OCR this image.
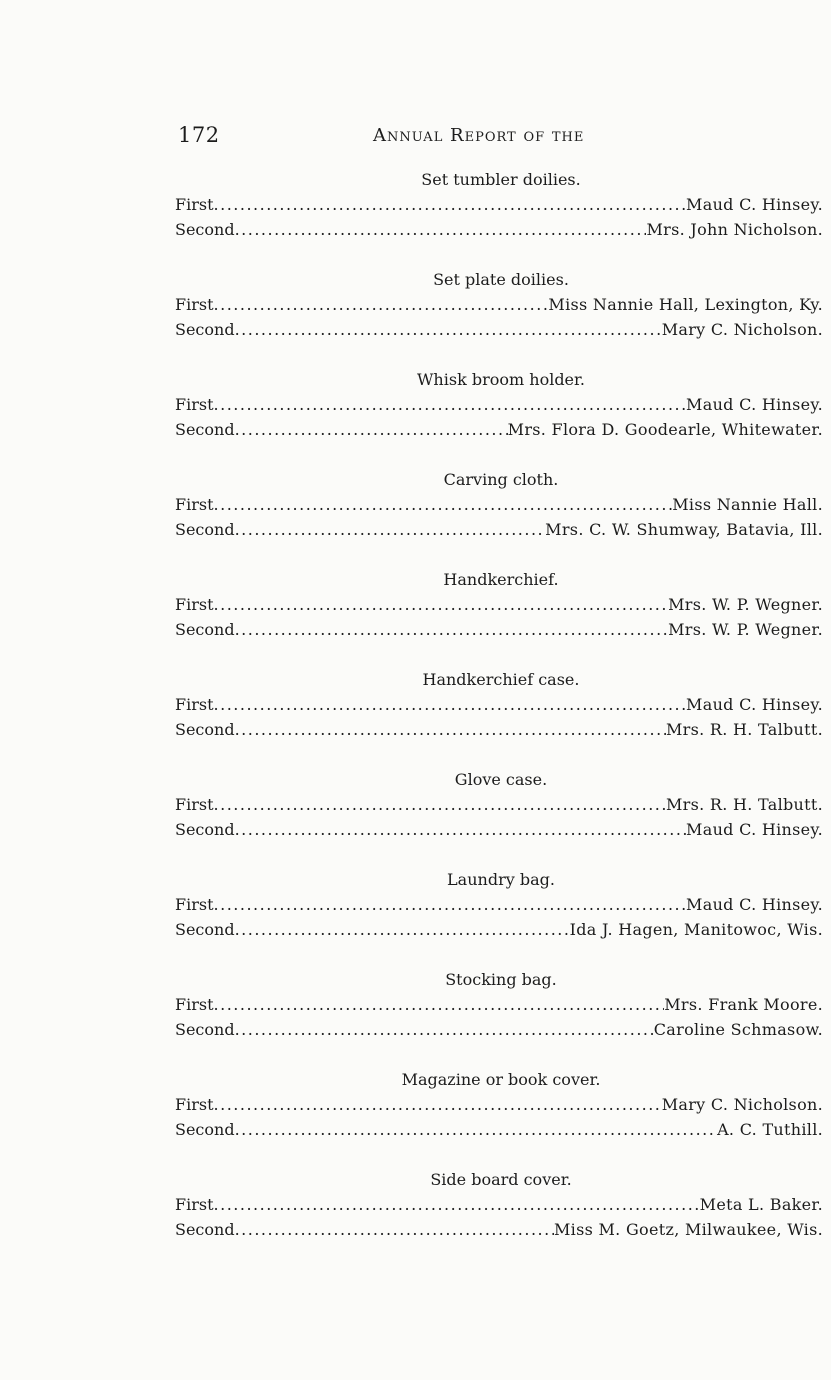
172	Annual Report of the
Set tumbler doilies.
First .....	Maud C. Hinsey.
Second .....	Mrs. John Nicholson.
Set plate doilies.
First .....	Miss Nannie Hall, Lexington, Ky.
Second .....	Mary C. Nicholson.
Whisk broom holder.
First .....	Maud C. Hinsey.
Second .....	Mrs. Flora D. Goodearle, Whitewater.
Carving cloth.
First .....	Miss Nannie Hall.
Second .....	Mrs. C. W. Shumway, Batavia, Ill.
Handkerchief.
First .....	Mrs. W. P. Wegner.
Second .....	Mrs. W. P. Wegner.
Handkerchief case.
First .....	Maud C. Hinsey.
Second .....	Mrs. R. H. Talbutt.
Glove case.
First .....	Mrs. R. H. Talbutt.
Second .....	Maud C. Hinsey.
Laundry bag.
First .....	Maud C. Hinsey.
Second .....	Ida J. Hagen, Manitowoc, Wis.
Stocking bag.
First .....	Mrs. Frank Moore.
Second .....	Caroline Schmasow.
Magazine or book cover.
First .....	Mary C. Nicholson.
Second .....	A. C. Tuthill.
Side board cover.
First .....	Meta L. Baker.
Second .....	Miss M. Goetz, Milwaukee, Wis.
